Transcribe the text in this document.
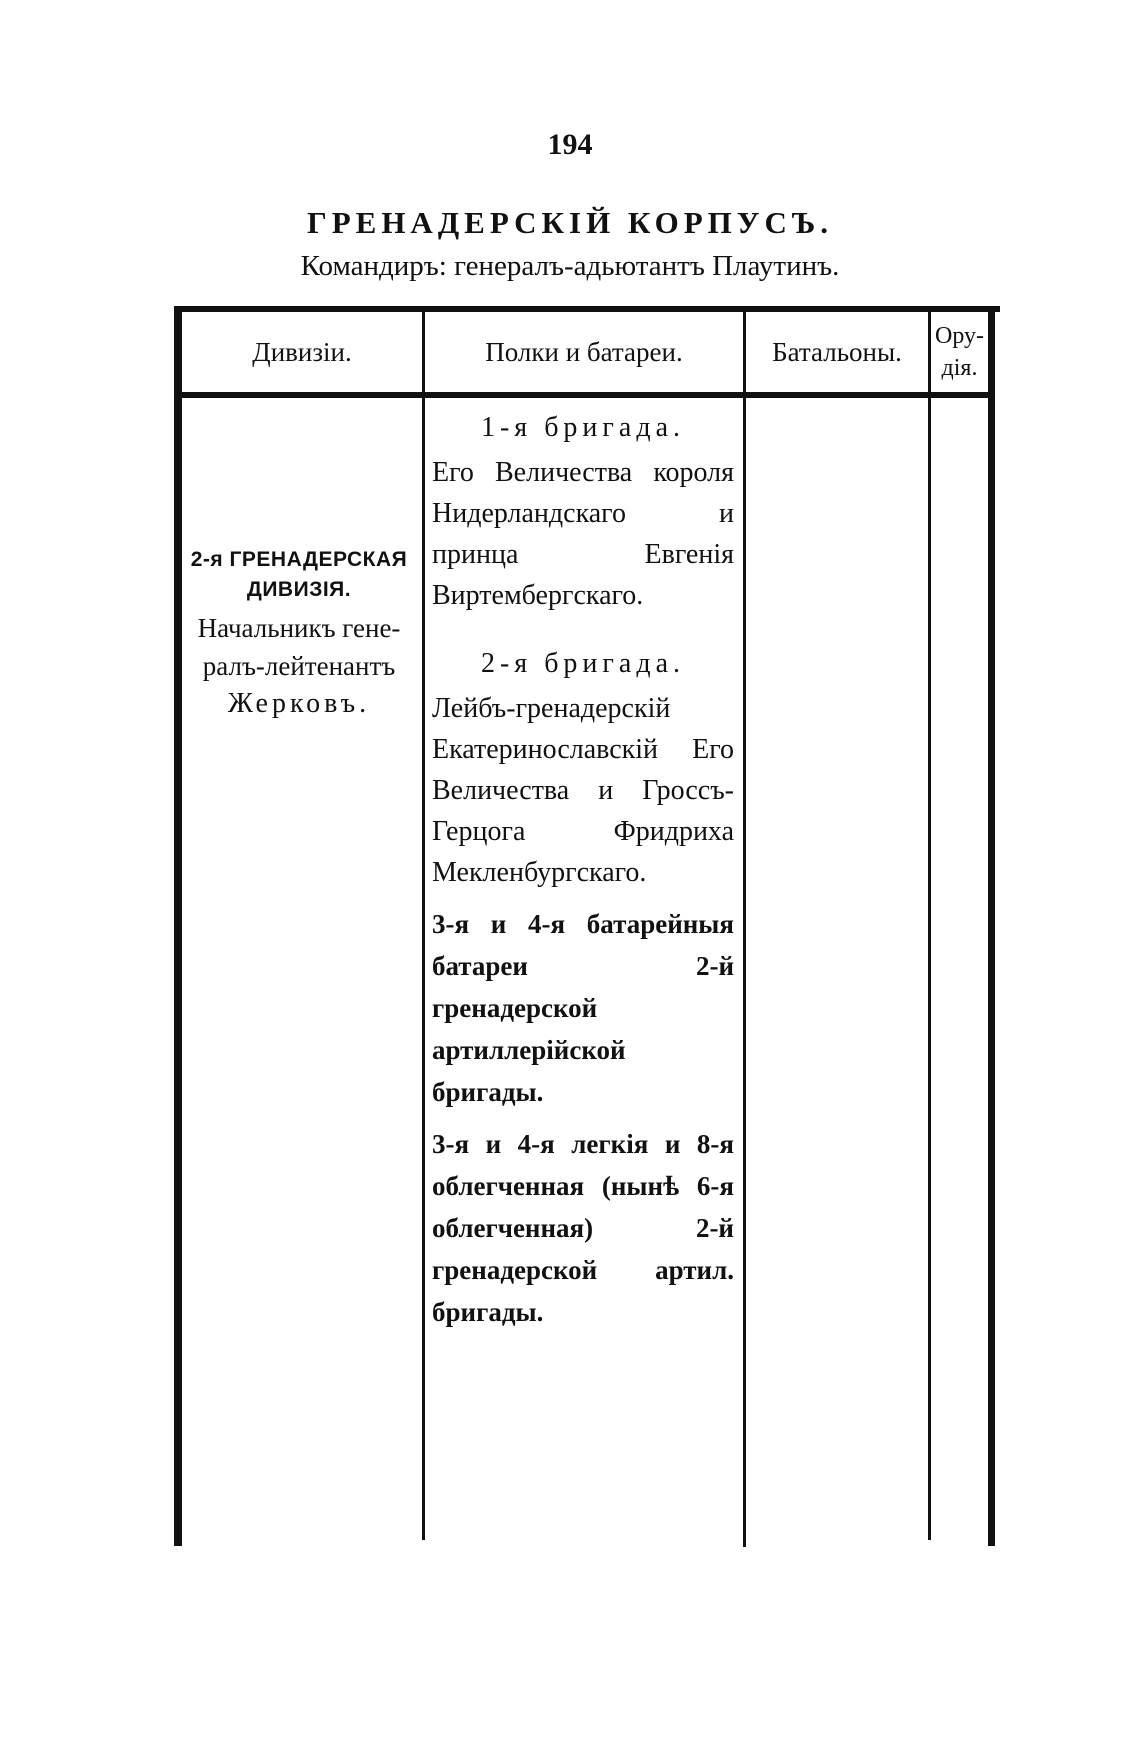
194
ГРЕНАДЕРСКІЙ КОРПУСЪ.
Командиръ: генералъ-адьютантъ Плаутинъ.
Дивизіи.	Полки и батареи.	Батальоны.
Ору-дія.
2-я ГРЕНАДЕРСКАЯ
ДИВИЗІЯ.
Начальникъ гене-
ралъ-лейтенантъ
Жерковъ.
1-я бригада.
Его Величества короля Нидерландскаго и принца Евгенія Виртембергскаго.
2-я бригада.
Лейбъ-гренадерскій Екатеринославскій Его Величества и Гроссъ-Герцога Фридриха Мекленбургскаго.
3-я и 4-я батарейныя батареи 2-й гренадерской артиллерійской бригады.
3-я и 4-я легкія и 8-я облегченная (нынѣ 6-я облегченная) 2-й гренадерской артил. бригады.
